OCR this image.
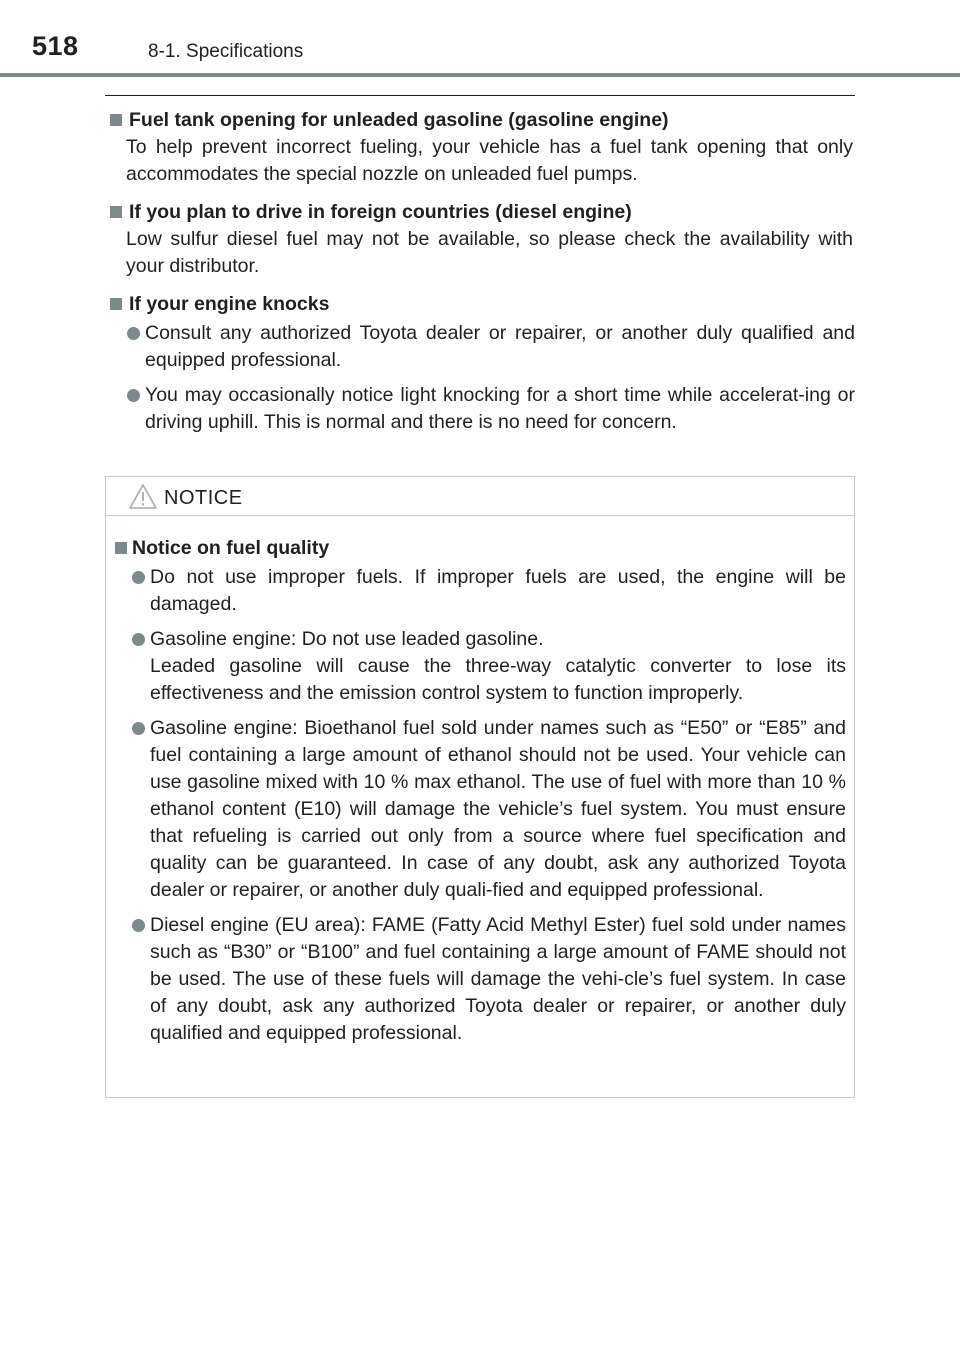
518	8-1. Specifications
Fuel tank opening for unleaded gasoline (gasoline engine)
To help prevent incorrect fueling, your vehicle has a fuel tank opening that only accommodates the special nozzle on unleaded fuel pumps.
If you plan to drive in foreign countries (diesel engine)
Low sulfur diesel fuel may not be available, so please check the availability with your distributor.
If your engine knocks
Consult any authorized Toyota dealer or repairer, or another duly qualified and equipped professional.
You may occasionally notice light knocking for a short time while accelerat-ing or driving uphill. This is normal and there is no need for concern.
NOTICE
Notice on fuel quality
Do not use improper fuels. If improper fuels are used, the engine will be damaged.
Gasoline engine: Do not use leaded gasoline.
Leaded gasoline will cause the three-way catalytic converter to lose its effectiveness and the emission control system to function improperly.
Gasoline engine: Bioethanol fuel sold under names such as “E50” or “E85” and fuel containing a large amount of ethanol should not be used. Your vehicle can use gasoline mixed with 10 % max ethanol. The use of fuel with more than 10 % ethanol content (E10) will damage the vehicle’s fuel system. You must ensure that refueling is carried out only from a source where fuel specification and quality can be guaranteed. In case of any doubt, ask any authorized Toyota dealer or repairer, or another duly quali-fied and equipped professional.
Diesel engine (EU area): FAME (Fatty Acid Methyl Ester) fuel sold under names such as “B30” or “B100” and fuel containing a large amount of FAME should not be used. The use of these fuels will damage the vehi-cle’s fuel system. In case of any doubt, ask any authorized Toyota dealer or repairer, or another duly qualified and equipped professional.
